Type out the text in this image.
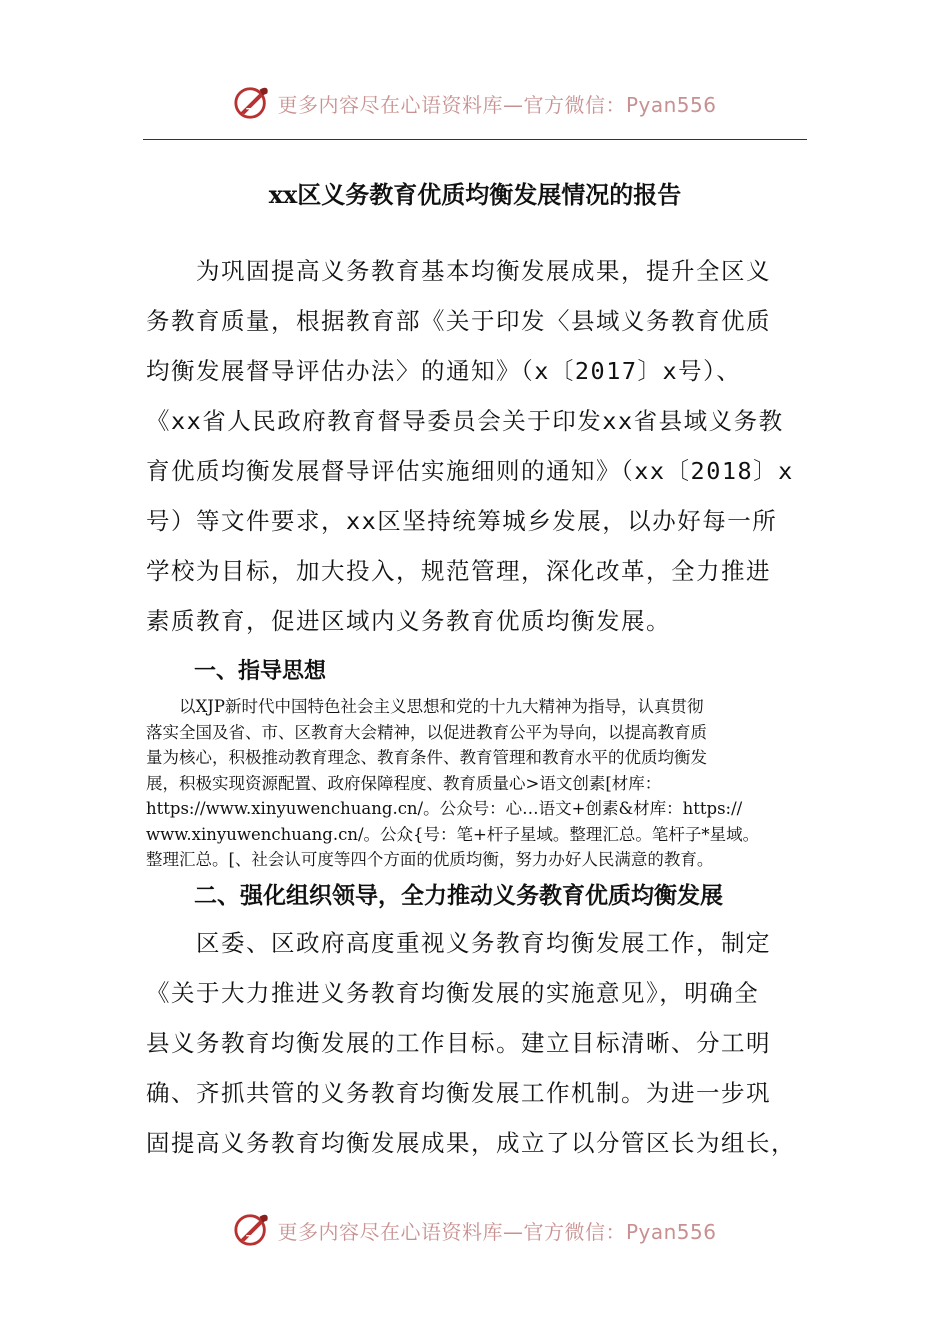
更多内容尽在心语资料库—官方微信：Pyan556
xx区义务教育优质均衡发展情况的报告
　　为巩固提高义务教育基本均衡发展成果，提升全区义
务教育质量，根据教育部《关于印发〈县域义务教育优质
均衡发展督导评估办法〉的通知》（x〔2017〕x号）、
《xx省人民政府教育督导委员会关于印发xx省县域义务教
育优质均衡发展督导评估实施细则的通知》（xx〔2018〕x
号）等文件要求，xx区坚持统筹城乡发展，以办好每一所
学校为目标，加大投入，规范管理，深化改革，全力推进
素质教育，促进区域内义务教育优质均衡发展。
一、指导思想
　　以XJP新时代中国特色社会主义思想和党的十九大精神为指导，认真贯彻
落实全国及省、市、区教育大会精神，以促进教育公平为导向，以提高教育质
量为核心，积极推动教育理念、教育条件、教育管理和教育水平的优质均衡发
展，积极实现资源配置、政府保障程度、教育质量心>语文创素[材库：
https://www.xinyuwenchuang.cn/。公众号：心…语文+创素&材库：https://
www.xinyuwenchuang.cn/。公众{号：笔+杆子星域。整理汇总。笔杆子*星域。
整理汇总。[、社会认可度等四个方面的优质均衡，努力办好人民满意的教育。
二、强化组织领导，全力推动义务教育优质均衡发展
　　区委、区政府高度重视义务教育均衡发展工作，制定
《关于大力推进义务教育均衡发展的实施意见》，明确全
县义务教育均衡发展的工作目标。建立目标清晰、分工明
确、齐抓共管的义务教育均衡发展工作机制。为进一步巩
固提高义务教育均衡发展成果，成立了以分管区长为组长，
更多内容尽在心语资料库—官方微信：Pyan556
